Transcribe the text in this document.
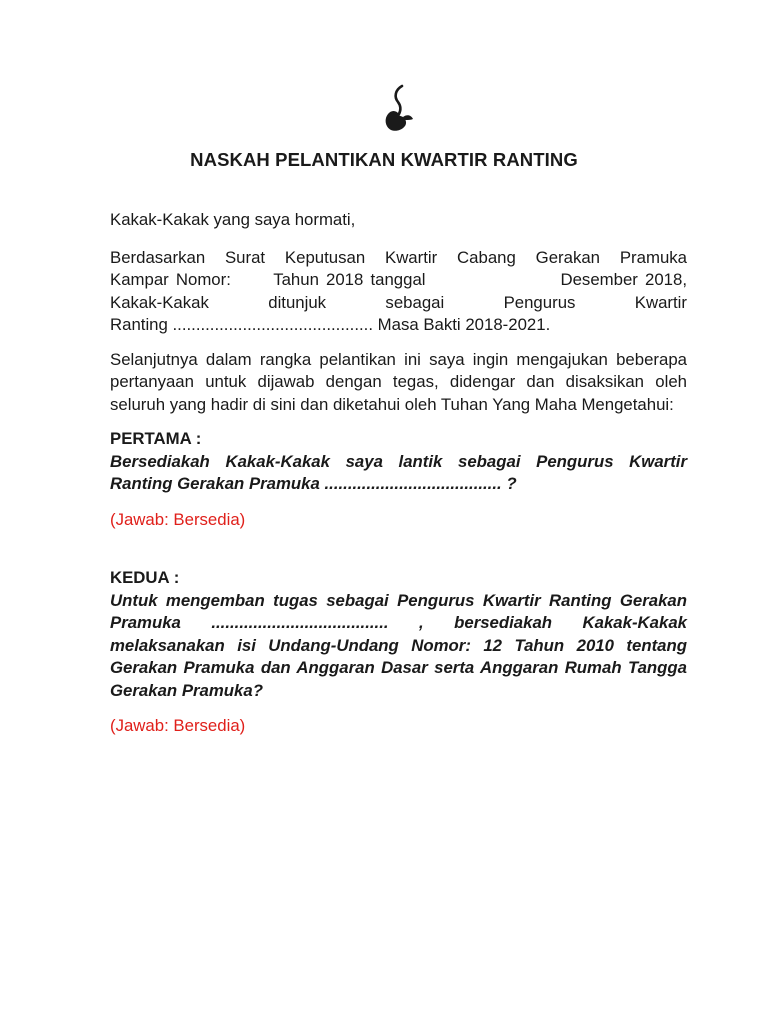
NASKAH PELANTIKAN KWARTIR RANTING

Kakak-Kakak yang saya hormati,

Berdasarkan Surat Keputusan Kwartir Cabang Gerakan Pramuka
Kampar Nomor:      Tahun 2018 tanggal                   Desember 2018,
Kakak-Kakak ditunjuk sebagai Pengurus Kwartir
Ranting ........................................... Masa Bakti 2018-2021.

Selanjutnya dalam rangka pelantikan ini saya ingin mengajukan beberapa pertanyaan untuk dijawab dengan tegas, didengar dan disaksikan oleh seluruh yang hadir di sini dan diketahui oleh Tuhan Yang Maha Mengetahui:

PERTAMA :

Bersediakah Kakak-Kakak saya lantik sebagai Pengurus Kwartir Ranting Gerakan Pramuka ...................................... ?

(Jawab: Bersedia)

KEDUA :

Untuk mengemban tugas sebagai Pengurus Kwartir Ranting Gerakan Pramuka ...................................... , bersediakah Kakak-Kakak melaksanakan isi Undang-Undang Nomor: 12 Tahun 2010 tentang Gerakan Pramuka dan Anggaran Dasar serta Anggaran Rumah Tangga Gerakan Pramuka?

(Jawab: Bersedia)
